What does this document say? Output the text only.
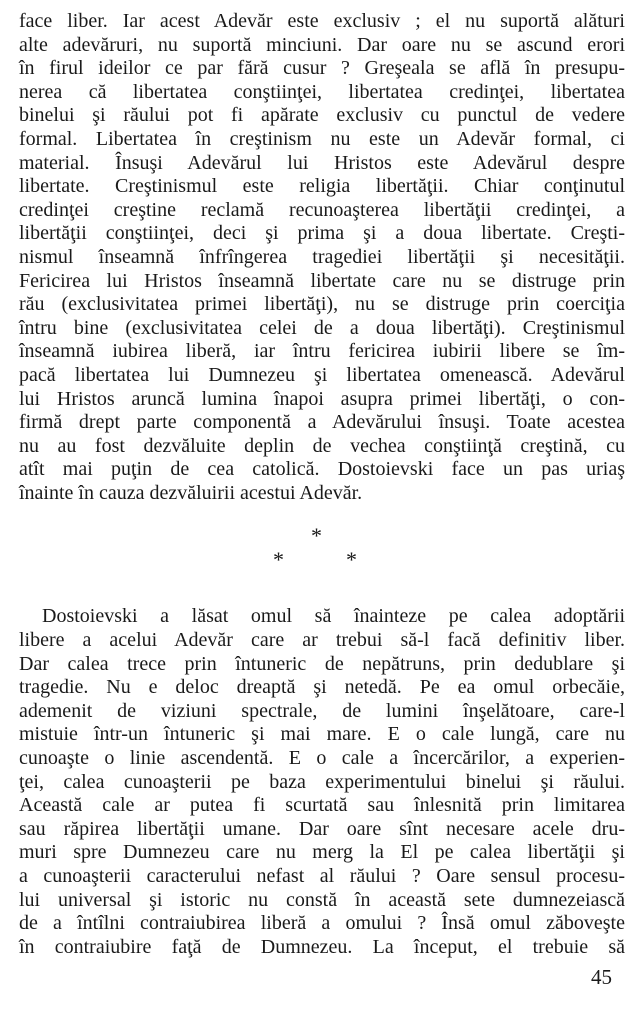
face liber. Iar acest Adevăr este exclusiv ; el nu suportă alături
alte adevăruri, nu suportă minciuni. Dar oare nu se ascund erori
în firul ideilor ce par fără cusur ? Greşeala se află în presupu-
nerea că libertatea conştiinţei, libertatea credinţei, libertatea
binelui şi răului pot fi apărate exclusiv cu punctul de vedere
formal. Libertatea în creştinism nu este un Adevăr formal, ci
material. Însuşi Adevărul lui Hristos este Adevărul despre
libertate. Creştinismul este religia libertăţii. Chiar conţinutul
credinţei creştine reclamă recunoaşterea libertăţii credinţei, a
libertăţii conştiinţei, deci şi prima şi a doua libertate. Creşti-
nismul înseamnă înfrîngerea tragediei libertăţii şi necesităţii.
Fericirea lui Hristos înseamnă libertate care nu se distruge prin
rău (exclusivitatea primei libertăţi), nu se distruge prin coerciţia
întru bine (exclusivitatea celei de a doua libertăţi). Creştinismul
înseamnă iubirea liberă, iar întru fericirea iubirii libere se îm-
pacă libertatea lui Dumnezeu şi libertatea omenească. Adevărul
lui Hristos aruncă lumina înapoi asupra primei libertăţi, o con-
firmă drept parte componentă a Adevărului însuşi. Toate acestea
nu au fost dezvăluite deplin de vechea conştiinţă creştină, cu
atît mai puţin de cea catolică. Dostoievski face un pas uriaş
înainte în cauza dezvăluirii acestui Adevăr.
*
*	*
Dostoievski a lăsat omul să înainteze pe calea adoptării
libere a acelui Adevăr care ar trebui să-l facă definitiv liber.
Dar calea trece prin întuneric de nepătruns, prin dedublare şi
tragedie. Nu e deloc dreaptă şi netedă. Pe ea omul orbecăie,
ademenit de viziuni spectrale, de lumini înşelătoare, care-l
mistuie într-un întuneric şi mai mare. E o cale lungă, care nu
cunoaşte o linie ascendentă. E o cale a încercărilor, a experien-
ţei, calea cunoaşterii pe baza experimentului binelui şi răului.
Această cale ar putea fi scurtată sau înlesnită prin limitarea
sau răpirea libertăţii umane. Dar oare sînt necesare acele dru-
muri spre Dumnezeu care nu merg la El pe calea libertăţii şi
a cunoaşterii caracterului nefast al răului ? Oare sensul procesu-
lui universal şi istoric nu constă în această sete dumnezeiască
de a întîlni contraiubirea liberă a omului ? Însă omul zăboveşte
în contraiubire faţă de Dumnezeu. La început, el trebuie să
45
